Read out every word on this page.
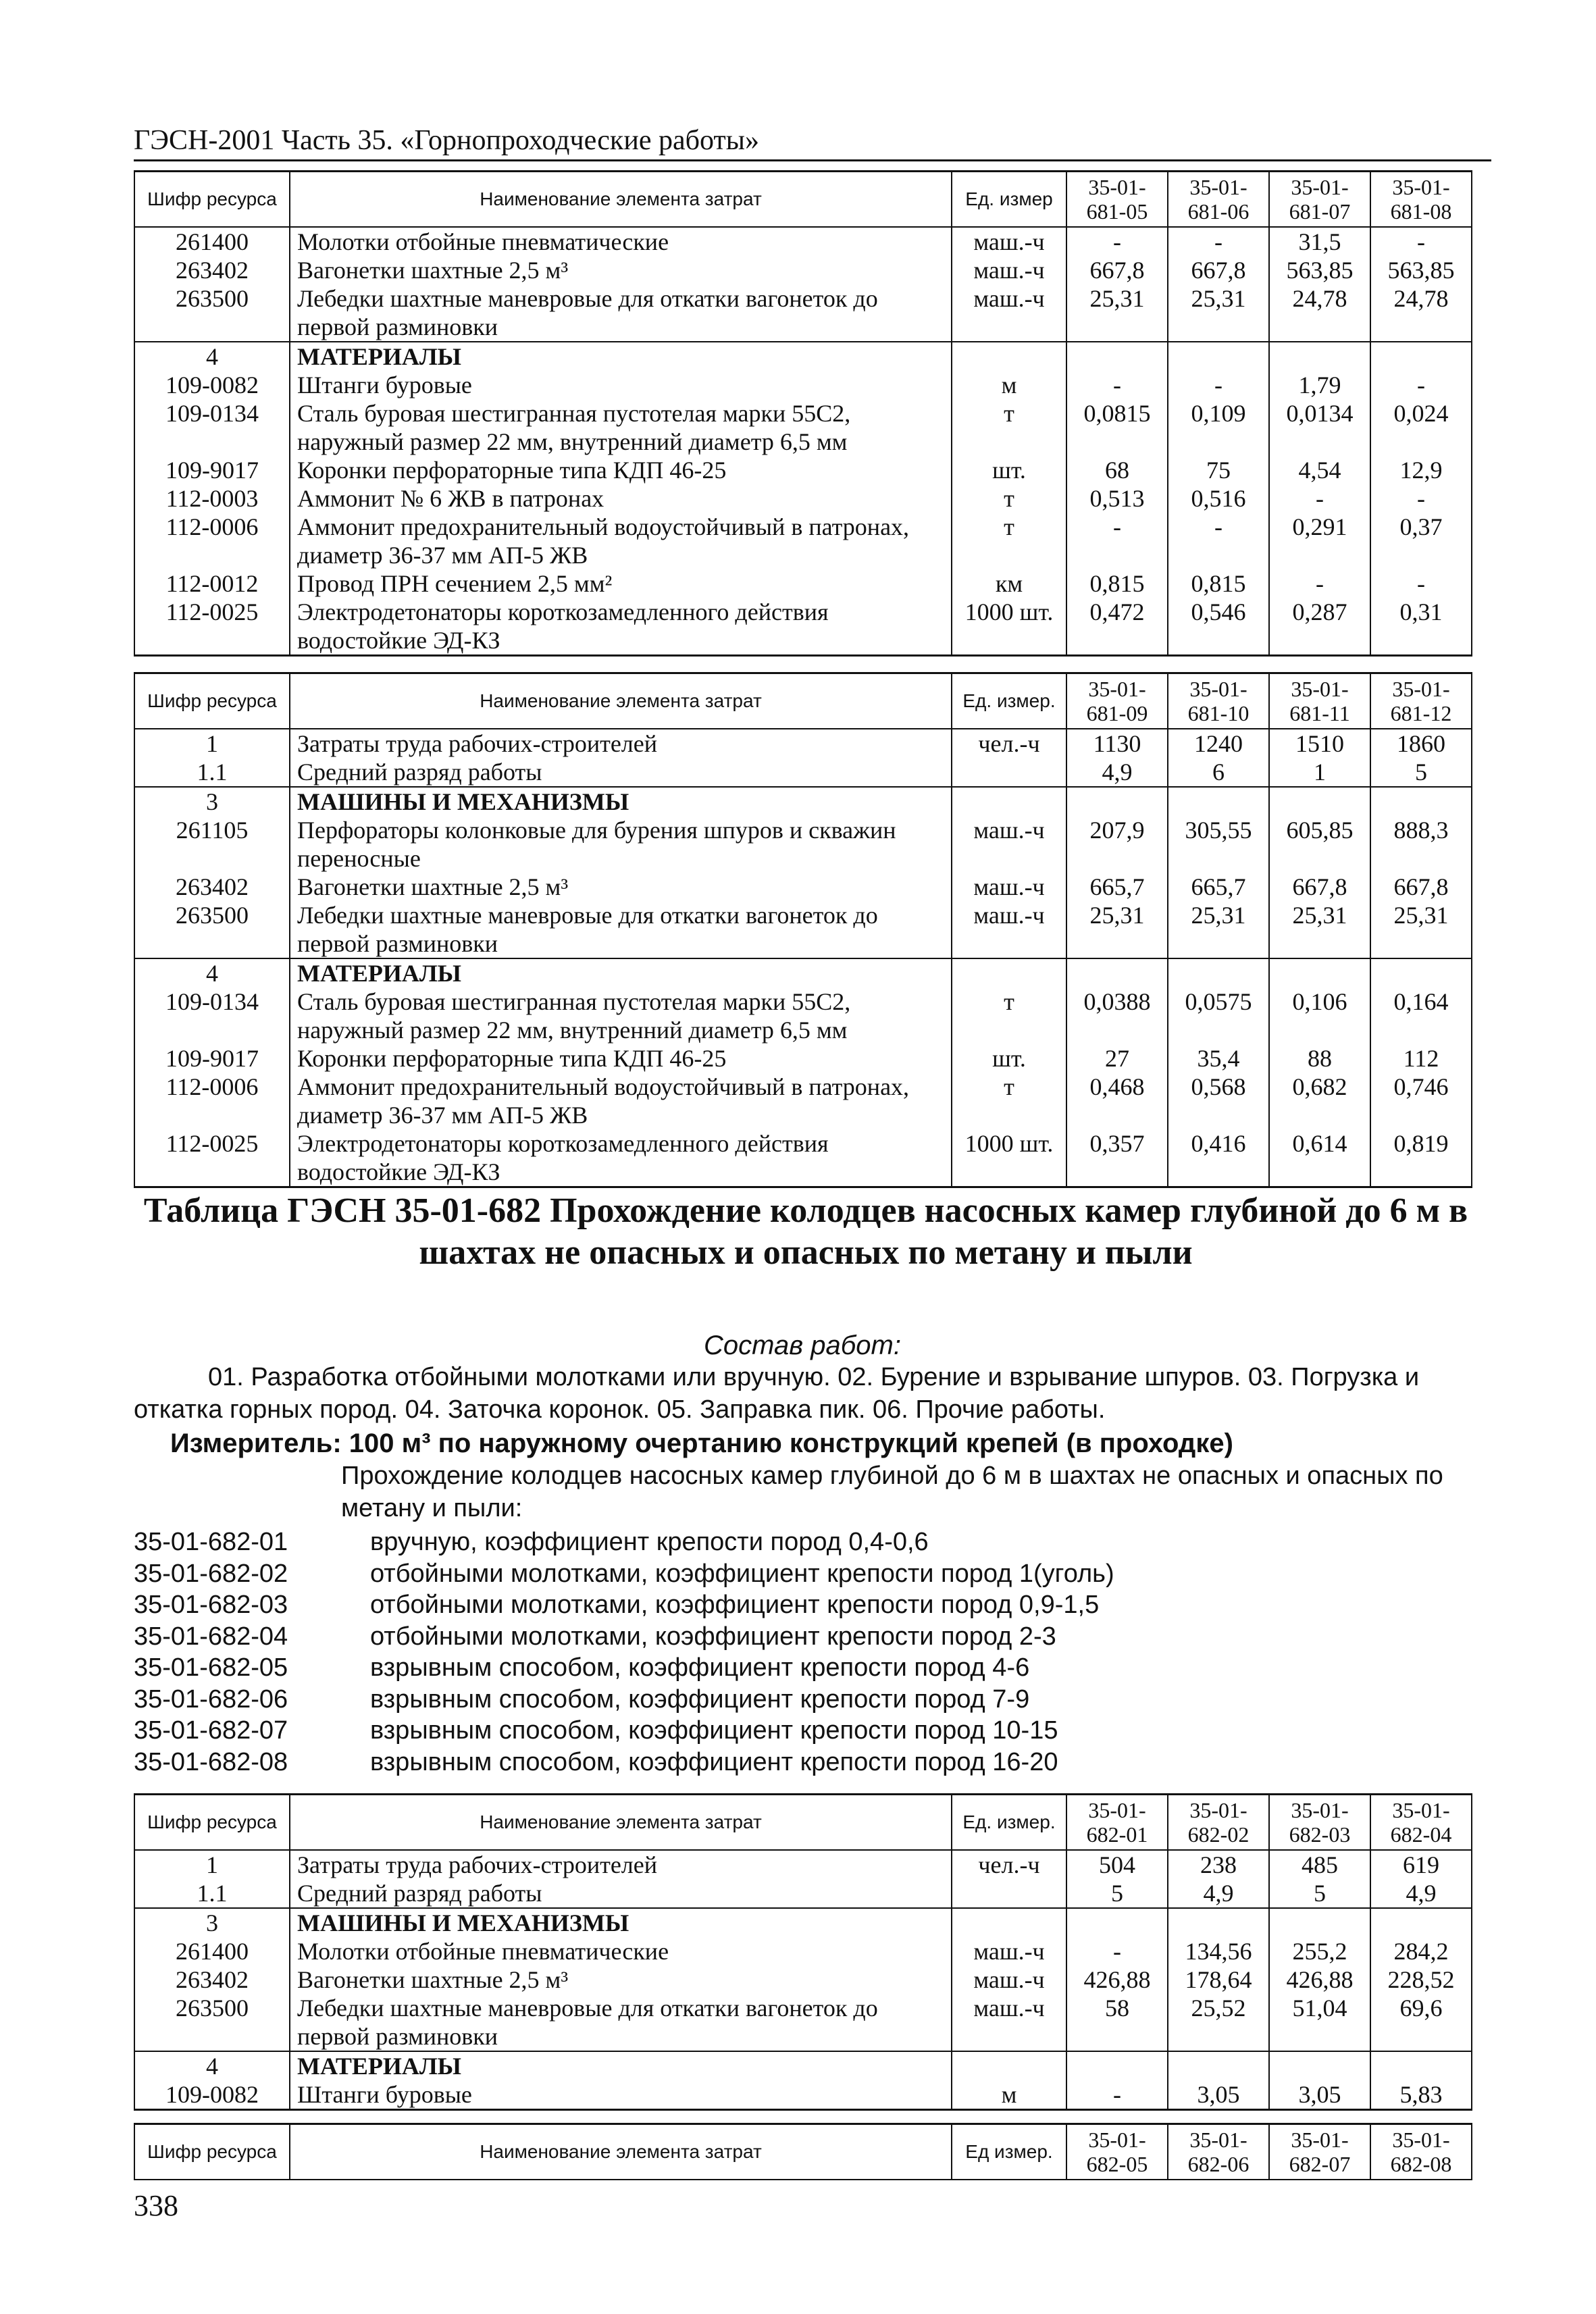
ГЭСН-2001 Часть 35. «Горнопроходческие работы»
Шифр ресурса	Наименование элемента затрат	Ед. измер	35-01-681-05	35-01-681-06	35-01-681-07	35-01-681-08
261400	Молотки отбойные пневматические	маш.-ч	-	-	31,5	-
263402	Вагонетки шахтные 2,5 м³	маш.-ч	667,8	667,8	563,85	563,85
263500	Лебедки шахтные маневровые для откатки вагонеток до первой разминовки	маш.-ч	25,31	25,31	24,78	24,78
4	МАТЕРИАЛЫ					
109-0082	Штанги буровые	м	-	-	1,79	-
109-0134	Сталь буровая шестигранная пустотелая марки 55С2, наружный размер 22 мм, внутренний диаметр 6,5 мм	т	0,0815	0,109	0,0134	0,024
109-9017	Коронки перфораторные типа КДП 46-25	шт.	68	75	4,54	12,9
112-0003	Аммонит № 6 ЖВ в патронах	т	0,513	0,516	-	-
112-0006	Аммонит предохранительный водоустойчивый в патронах, диаметр 36-37 мм АП-5 ЖВ	т	-	-	0,291	0,37
112-0012	Провод ПРН сечением 2,5 мм²	км	0,815	0,815	-	-
112-0025	Электродетонаторы короткозамедленного действия водостойкие ЭД-КЗ	1000 шт.	0,472	0,546	0,287	0,31
Шифр ресурса	Наименование элемента затрат	Ед. измер.	35-01-681-09	35-01-681-10	35-01-681-11	35-01-681-12
1	Затраты труда рабочих-строителей	чел.-ч	1130	1240	1510	1860
1.1	Средний разряд работы		4,9	6	1	5
3	МАШИНЫ И МЕХАНИЗМЫ					
261105	Перфораторы колонковые для бурения шпуров и скважин переносные	маш.-ч	207,9	305,55	605,85	888,3
263402	Вагонетки шахтные 2,5 м³	маш.-ч	665,7	665,7	667,8	667,8
263500	Лебедки шахтные маневровые для откатки вагонеток до первой разминовки	маш.-ч	25,31	25,31	25,31	25,31
4	МАТЕРИАЛЫ					
109-0134	Сталь буровая шестигранная пустотелая марки 55С2, наружный размер 22 мм, внутренний диаметр 6,5 мм	т	0,0388	0,0575	0,106	0,164
109-9017	Коронки перфораторные типа КДП 46-25	шт.	27	35,4	88	112
112-0006	Аммонит предохранительный водоустойчивый в патронах, диаметр 36-37 мм АП-5 ЖВ	т	0,468	0,568	0,682	0,746
112-0025	Электродетонаторы короткозамедленного действия водостойкие ЭД-КЗ	1000 шт.	0,357	0,416	0,614	0,819
Таблица ГЭСН 35-01-682 Прохождение колодцев насосных камер глубиной до 6 м в шахтах не опасных и опасных по метану и пыли
Состав работ:
01. Разработка отбойными молотками или вручную. 02. Бурение и взрывание шпуров. 03. Погрузка и откатка горных пород. 04. Заточка коронок. 05. Заправка пик. 06. Прочие работы.
Измеритель: 100 м³ по наружному очертанию конструкций крепей (в проходке)
Прохождение колодцев насосных камер глубиной до 6 м в шахтах не опасных и опасных по метану и пыли:
35-01-682-01	вручную, коэффициент крепости пород 0,4-0,6
35-01-682-02	отбойными молотками, коэффициент крепости пород 1(уголь)
35-01-682-03	отбойными молотками, коэффициент крепости пород 0,9-1,5
35-01-682-04	отбойными молотками, коэффициент крепости пород 2-3
35-01-682-05	взрывным способом, коэффициент крепости пород 4-6
35-01-682-06	взрывным способом, коэффициент крепости пород 7-9
35-01-682-07	взрывным способом, коэффициент крепости пород 10-15
35-01-682-08	взрывным способом, коэффициент крепости пород 16-20
Шифр ресурса	Наименование элемента затрат	Ед. измер.	35-01-682-01	35-01-682-02	35-01-682-03	35-01-682-04
1	Затраты труда рабочих-строителей	чел.-ч	504	238	485	619
1.1	Средний разряд работы		5	4,9	5	4,9
3	МАШИНЫ И МЕХАНИЗМЫ					
261400	Молотки отбойные пневматические	маш.-ч	-	134,56	255,2	284,2
263402	Вагонетки шахтные 2,5 м³	маш.-ч	426,88	178,64	426,88	228,52
263500	Лебедки шахтные маневровые для откатки вагонеток до первой разминовки	маш.-ч	58	25,52	51,04	69,6
4	МАТЕРИАЛЫ					
109-0082	Штанги буровые	м	-	3,05	3,05	5,83
Шифр ресурса	Наименование элемента затрат	Ед измер.	35-01-682-05	35-01-682-06	35-01-682-07	35-01-682-08
338
